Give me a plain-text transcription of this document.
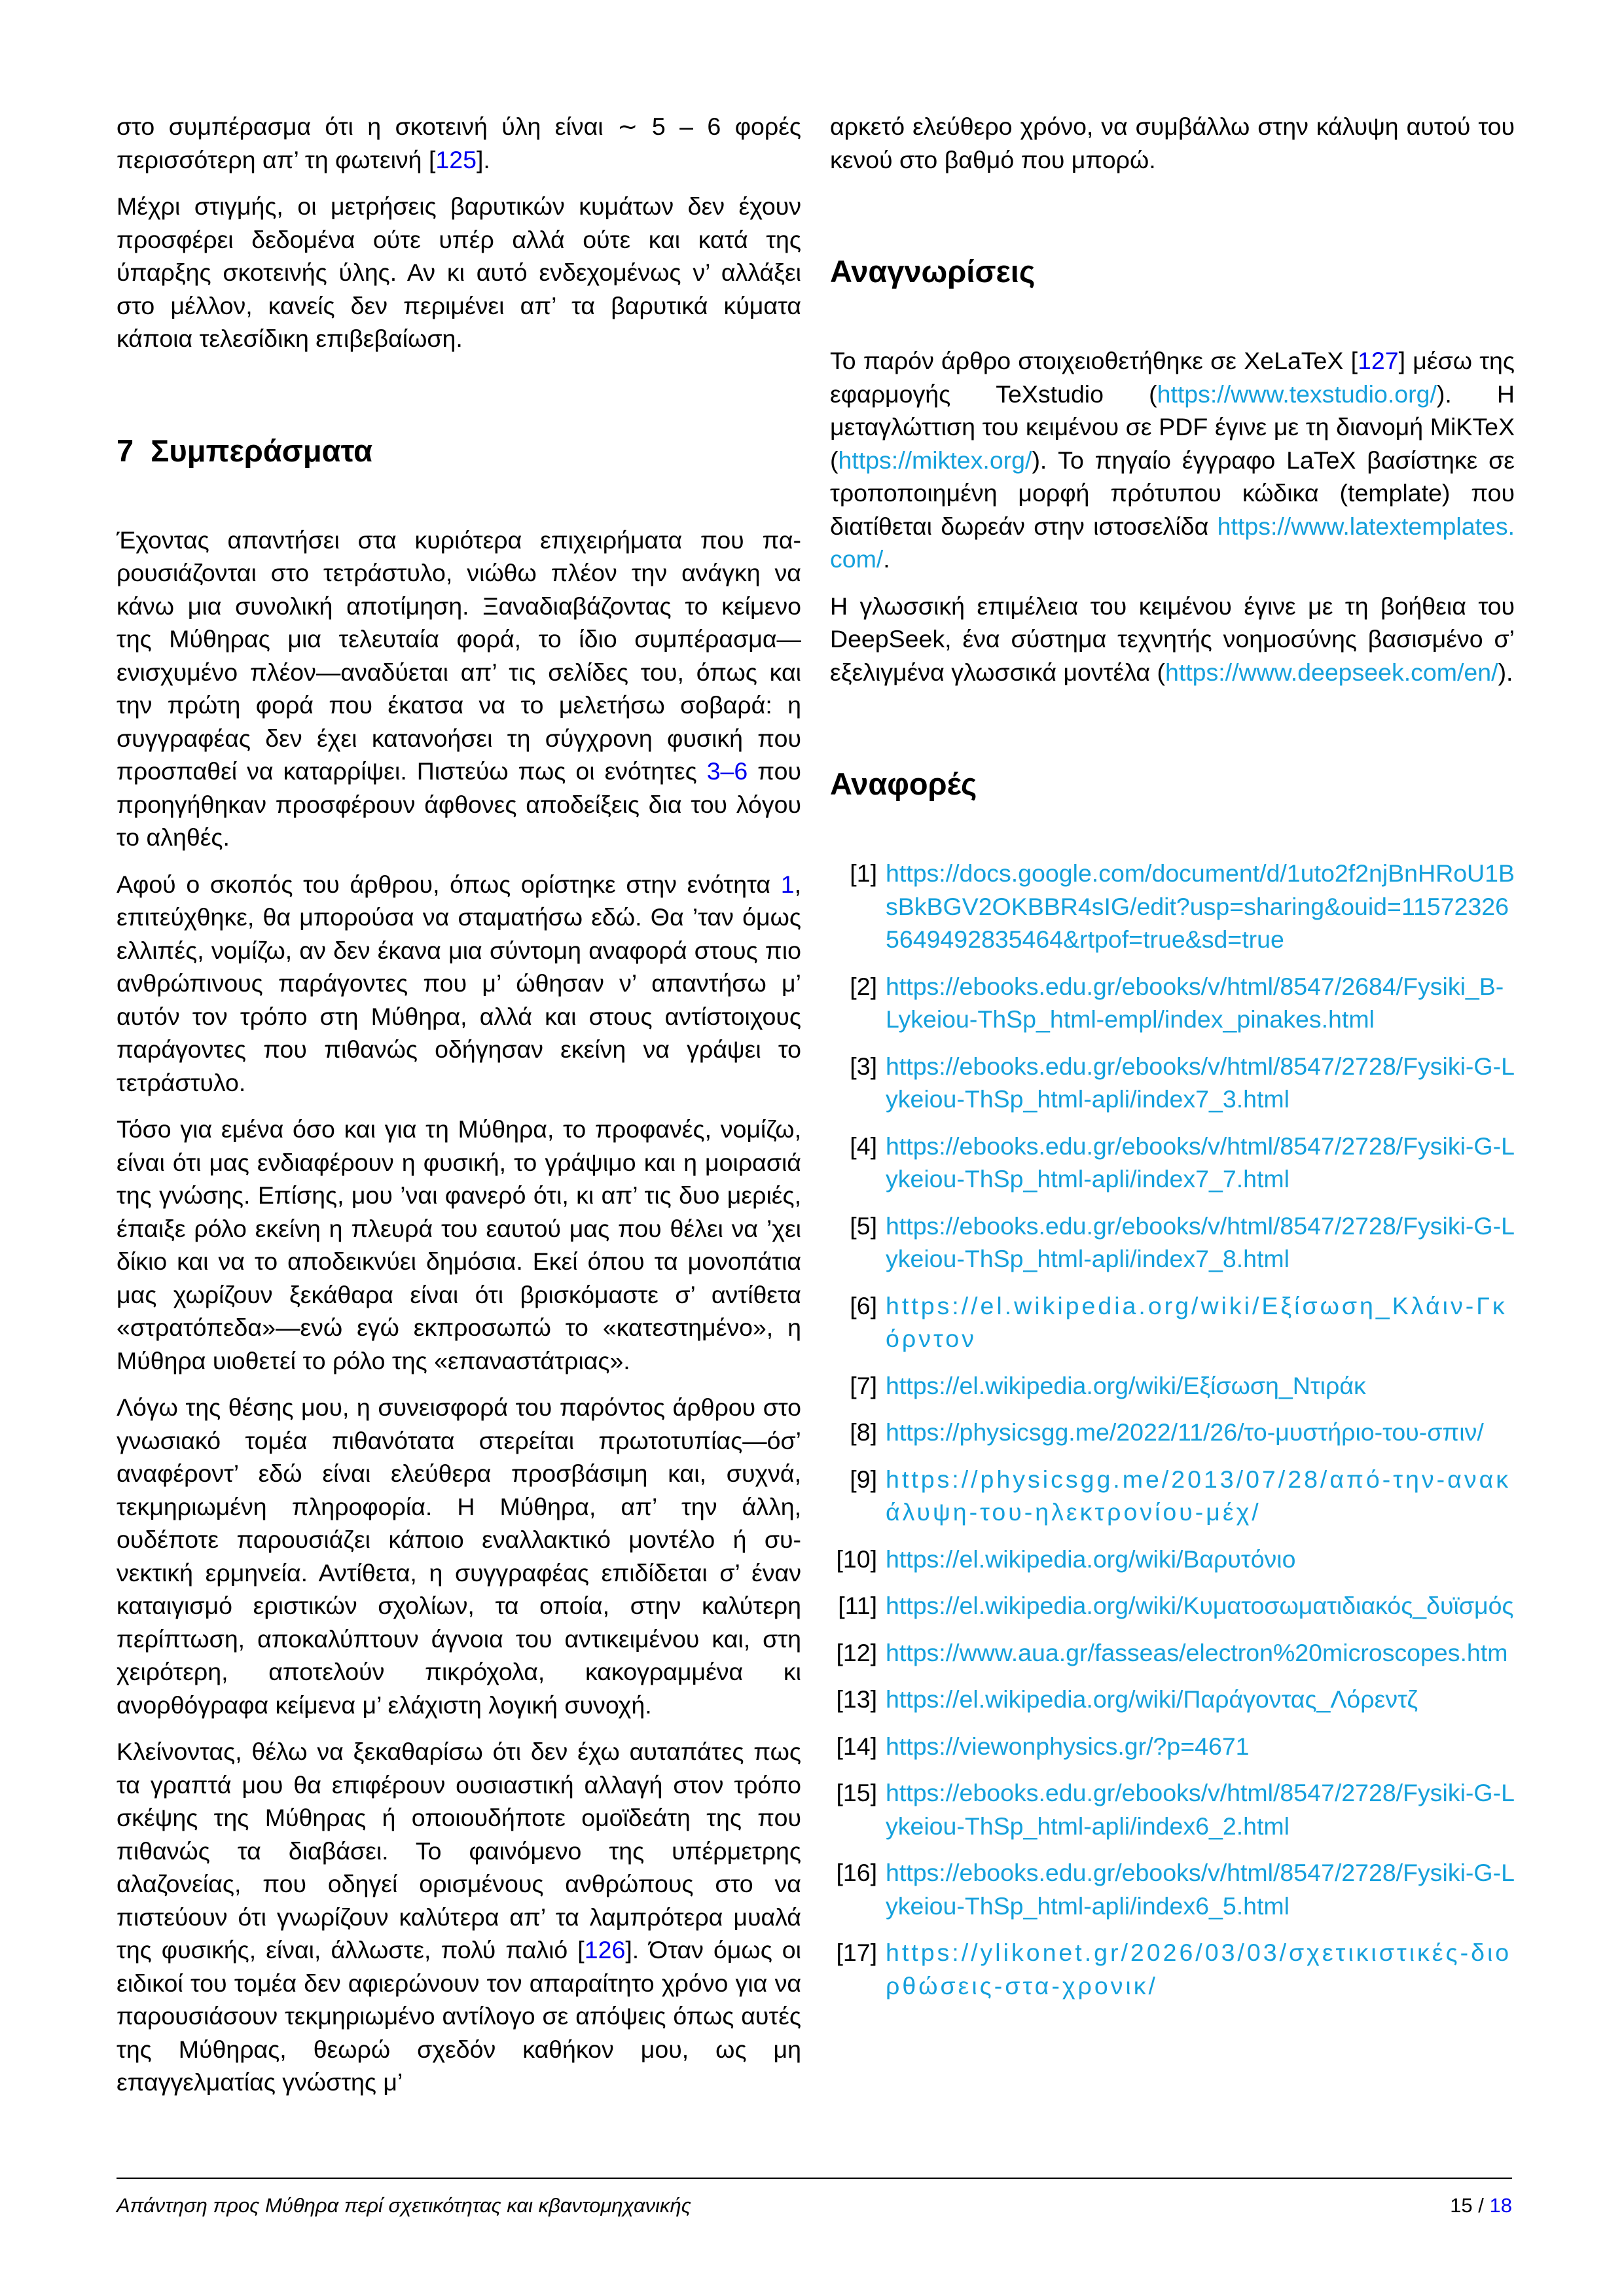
στο συμπέρασμα ότι η σκοτεινή ύλη είναι ∼ 5 – 6 φορές περισσότερη απ’ τη φωτεινή [125].

Μέχρι στιγμής, οι μετρήσεις βαρυτικών κυμάτων δεν έχουν προσφέρει δεδομένα ούτε υπέρ αλλά ούτε και κατά της ύπαρξης σκοτεινής ύλης. Αν κι αυτό ενδεχομένως ν’ αλλάξει στο μέλλον, κανείς δεν περιμένει απ’ τα βαρυτικά κύματα κάποια τελεσίδικη επιβεβαίωση.

7 Συμπεράσματα

Έχοντας απαντήσει στα κυριότερα επιχειρήματα που παρουσιάζονται στο τετράστυλο, νιώθω πλέον την ανάγκη να κάνω μια συνολική αποτίμηση. Ξαναδιαβάζοντας το κείμενο της Μύθηρας μια τελευταία φορά, το ίδιο συμπέρασμα—ενισχυμένο πλέον—αναδύεται απ’ τις σελίδες του, όπως και την πρώτη φορά που έκατσα να το μελετήσω σοβαρά: η συγγραφέας δεν έχει κατανοήσει τη σύγχρονη φυσική που προσπαθεί να καταρρίψει. Πιστεύω πως οι ενότητες 3–6 που προηγήθηκαν προσφέρουν άφθονες αποδείξεις δια του λόγου το αληθές.

Αφού ο σκοπός του άρθρου, όπως ορίστηκε στην ενότητα 1, επιτεύχθηκε, θα μπορούσα να σταματήσω εδώ. Θα ’ταν όμως ελλιπές, νομίζω, αν δεν έκανα μια σύντομη αναφορά στους πιο ανθρώπινους παράγοντες που μ’ ώθησαν ν’ απαντήσω μ’ αυτόν τον τρόπο στη Μύθηρα, αλλά και στους αντίστοιχους παράγοντες που πιθανώς οδήγησαν εκείνη να γράψει το τετράστυλο.

Τόσο για εμένα όσο και για τη Μύθηρα, το προφανές, νομίζω, είναι ότι μας ενδιαφέρουν η φυσική, το γράψιμο και η μοιρασιά της γνώσης. Επίσης, μου ’ναι φανερό ότι, κι απ’ τις δυο μεριές, έπαιξε ρόλο εκείνη η πλευρά του εαυτού μας που θέλει να ’χει δίκιο και να το αποδεικνύει δημόσια. Εκεί όπου τα μονοπάτια μας χωρίζουν ξεκάθαρα είναι ότι βρισκόμαστε σ’ αντίθετα «στρατόπεδα»—ενώ εγώ εκπροσωπώ το «κατεστημένο», η Μύθηρα υιοθετεί το ρόλο της «επαναστάτριας».

Λόγω της θέσης μου, η συνεισφορά του παρόντος άρθρου στο γνωσιακό τομέα πιθανότατα στερείται πρωτοτυπίας—όσ’ αναφέροντ’ εδώ είναι ελεύθερα προσβάσιμη και, συχνά, τεκμηριωμένη πληροφορία. Η Μύθηρα, απ’ την άλλη, ουδέποτε παρουσιάζει κάποιο εναλλακτικό μοντέλο ή συνεκτική ερμηνεία. Αντίθετα, η συγγραφέας επιδίδεται σ’ έναν καταιγισμό εριστικών σχολίων, τα οποία, στην καλύτερη περίπτωση, αποκαλύπτουν άγνοια του αντικειμένου και, στη χειρότερη, αποτελούν πικρόχολα, κακογραμμένα κι ανορθόγραφα κείμενα μ’ ελάχιστη λογική συνοχή.

Κλείνοντας, θέλω να ξεκαθαρίσω ότι δεν έχω αυταπάτες πως τα γραπτά μου θα επιφέρουν ουσιαστική αλλαγή στον τρόπο σκέψης της Μύθηρας ή οποιουδήποτε ομοϊδεάτη της που πιθανώς τα διαβάσει. Το φαινόμενο της υπέρμετρης αλαζονείας, που οδηγεί ορισμένους ανθρώπους στο να πιστεύουν ότι γνωρίζουν καλύτερα απ’ τα λαμπρότερα μυαλά της φυσικής, είναι, άλλωστε, πολύ παλιό [126]. Όταν όμως οι ειδικοί του τομέα δεν αφιερώνουν τον απαραίτητο χρόνο για να παρουσιάσουν τεκμηριωμένο αντίλογο σε απόψεις όπως αυτές της Μύθηρας, θεωρώ σχεδόν καθήκον μου, ως μη επαγγελματίας γνώστης μ’

αρκετό ελεύθερο χρόνο, να συμβάλλω στην κάλυψη αυτού του κενού στο βαθμό που μπορώ.

Αναγνωρίσεις

Το παρόν άρθρο στοιχειοθετήθηκε σε XeLaTeX [127] μέσω της εφαρμογής TeXstudio (https://www.texstudio.org/). Η μεταγλώττιση του κειμένου σε PDF έγινε με τη διανομή MiKTeX (https://miktex.org/). Το πηγαίο έγγραφο LaTeX βασίστηκε σε τροποποιημένη μορφή πρότυπου κώδικα (template) που διατίθεται δωρεάν στην ιστοσελίδα https://www.latextemplates.com/.

Η γλωσσική επιμέλεια του κειμένου έγινε με τη βοήθεια του DeepSeek, ένα σύστημα τεχνητής νοημοσύνης βασισμένο σ’ εξελιγμένα γλωσσικά μοντέλα (https://www.deepseek.com/en/).

Αναφορές
[1] https://docs.google.com/document/d/1uto2f2njBnHRoU1BsBkBGV2OKBBR4sIG/edit?usp=sharing&ouid=115723265649492835464&rtpof=true&sd=true
[2] https://ebooks.edu.gr/ebooks/v/html/8547/2684/Fysiki_B-Lykeiou-ThSp_html-empl/index_pinakes.html
[3] https://ebooks.edu.gr/ebooks/v/html/8547/2728/Fysiki-G-Lykeiou-ThSp_html-apli/index7_3.html
[4] https://ebooks.edu.gr/ebooks/v/html/8547/2728/Fysiki-G-Lykeiou-ThSp_html-apli/index7_7.html
[5] https://ebooks.edu.gr/ebooks/v/html/8547/2728/Fysiki-G-Lykeiou-ThSp_html-apli/index7_8.html
[6] https://el.wikipedia.org/wiki/Εξίσωση_Κλάιν-Γκόρντον
[7] https://el.wikipedia.org/wiki/Εξίσωση_Ντιράκ
[8] https://physicsgg.me/2022/11/26/το-μυστήριο-του-σπιν/
[9] https://physicsgg.me/2013/07/28/από-την-ανακάλυψη-του-ηλεκτρονίου-μέχ/
[10] https://el.wikipedia.org/wiki/Βαρυτόνιο
[11] https://el.wikipedia.org/wiki/Κυματοσωματιδιακός_δυϊσμός
[12] https://www.aua.gr/fasseas/electron%20microscopes.htm
[13] https://el.wikipedia.org/wiki/Παράγοντας_Λόρεντζ
[14] https://viewonphysics.gr/?p=4671
[15] https://ebooks.edu.gr/ebooks/v/html/8547/2728/Fysiki-G-Lykeiou-ThSp_html-apli/index6_2.html
[16] https://ebooks.edu.gr/ebooks/v/html/8547/2728/Fysiki-G-Lykeiou-ThSp_html-apli/index6_5.html
[17] https://ylikonet.gr/2026/03/03/σχετικιστικές-διορθώσεις-στα-χρονικ/
Απάντηση προς Μύθηρα περί σχετικότητας και κβαντομηχανικής	15 / 18
